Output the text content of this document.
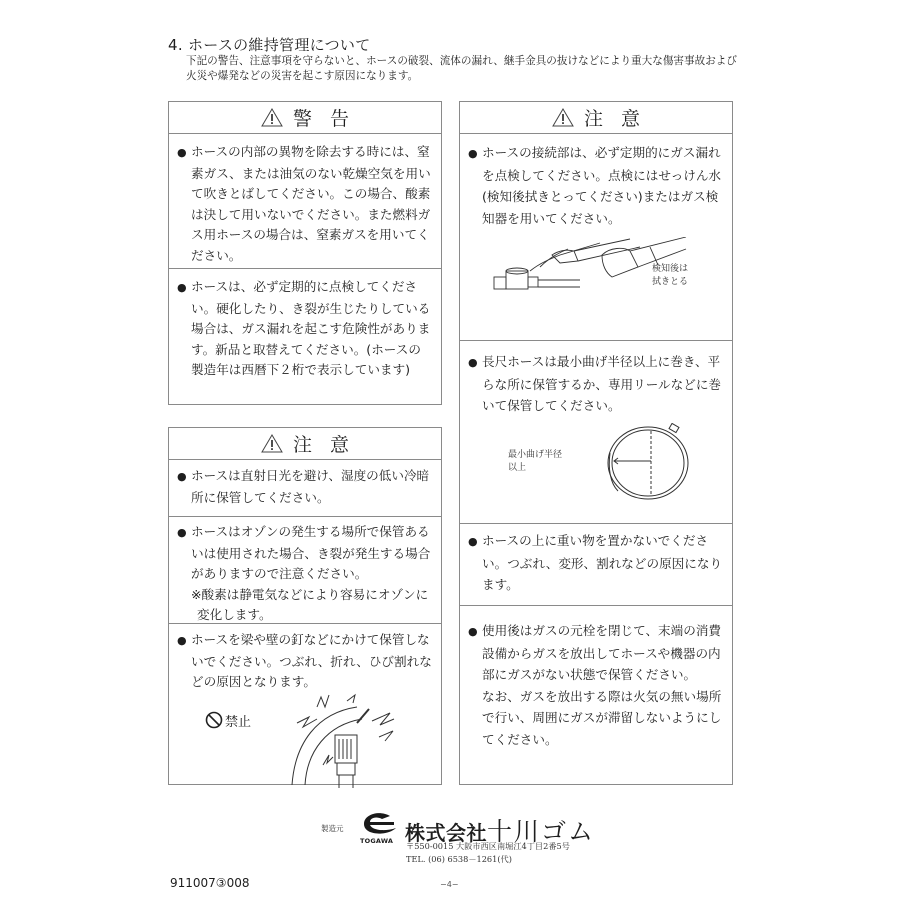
4. ホースの維持管理について
下記の警告、注意事項を守らないと、ホースの破裂、流体の漏れ、継手金具の抜けなどにより重大な傷害事故および火災や爆発などの災害を起こす原因になります。
警告
● ホースの内部の異物を除去する時には、窒素ガス、または油気のない乾燥空気を用いて吹きとばしてください。この場合、酸素は決して用いないでください。また燃料ガス用ホースの場合は、窒素ガスを用いてください。
● ホースは、必ず定期的に点検してください。硬化したり、き裂が生じたりしている場合は、ガス漏れを起こす危険性があります。新品と取替えてください。(ホースの製造年は西暦下２桁で表示しています)
注意
● ホースは直射日光を避け、湿度の低い冷暗所に保管してください。
● ホースはオゾンの発生する場所で保管あるいは使用された場合、き裂が発生する場合がありますので注意ください。
※酸素は静電気などにより容易にオゾンに変化します。
● ホースを梁や壁の釘などにかけて保管しないでください。つぶれ、折れ、ひび割れなどの原因となります。
禁止
注意
● ホースの接続部は、必ず定期的にガス漏れを点検してください。点検にはせっけん水(検知後拭きとってください)またはガス検知器を用いてください。
検知後は
拭きとる
● 長尺ホースは最小曲げ半径以上に巻き、平らな所に保管するか、専用リールなどに巻いて保管してください。
最小曲げ半径
以上
● ホースの上に重い物を置かないでください。つぶれ、変形、割れなどの原因になります。
● 使用後はガスの元栓を閉じて、末端の消費設備からガスを放出してホースや機器の内部にガスがない状態で保管ください。
なお、ガスを放出する際は火気の無い場所で行い、周囲にガスが滞留しないようにしてください。
製造元
TOGAWA 株式会社十川ゴム
〒550-0015 大阪市西区南堀江4丁目2番5号
TEL. (06) 6538－1261(代)
911007③008	−4−
